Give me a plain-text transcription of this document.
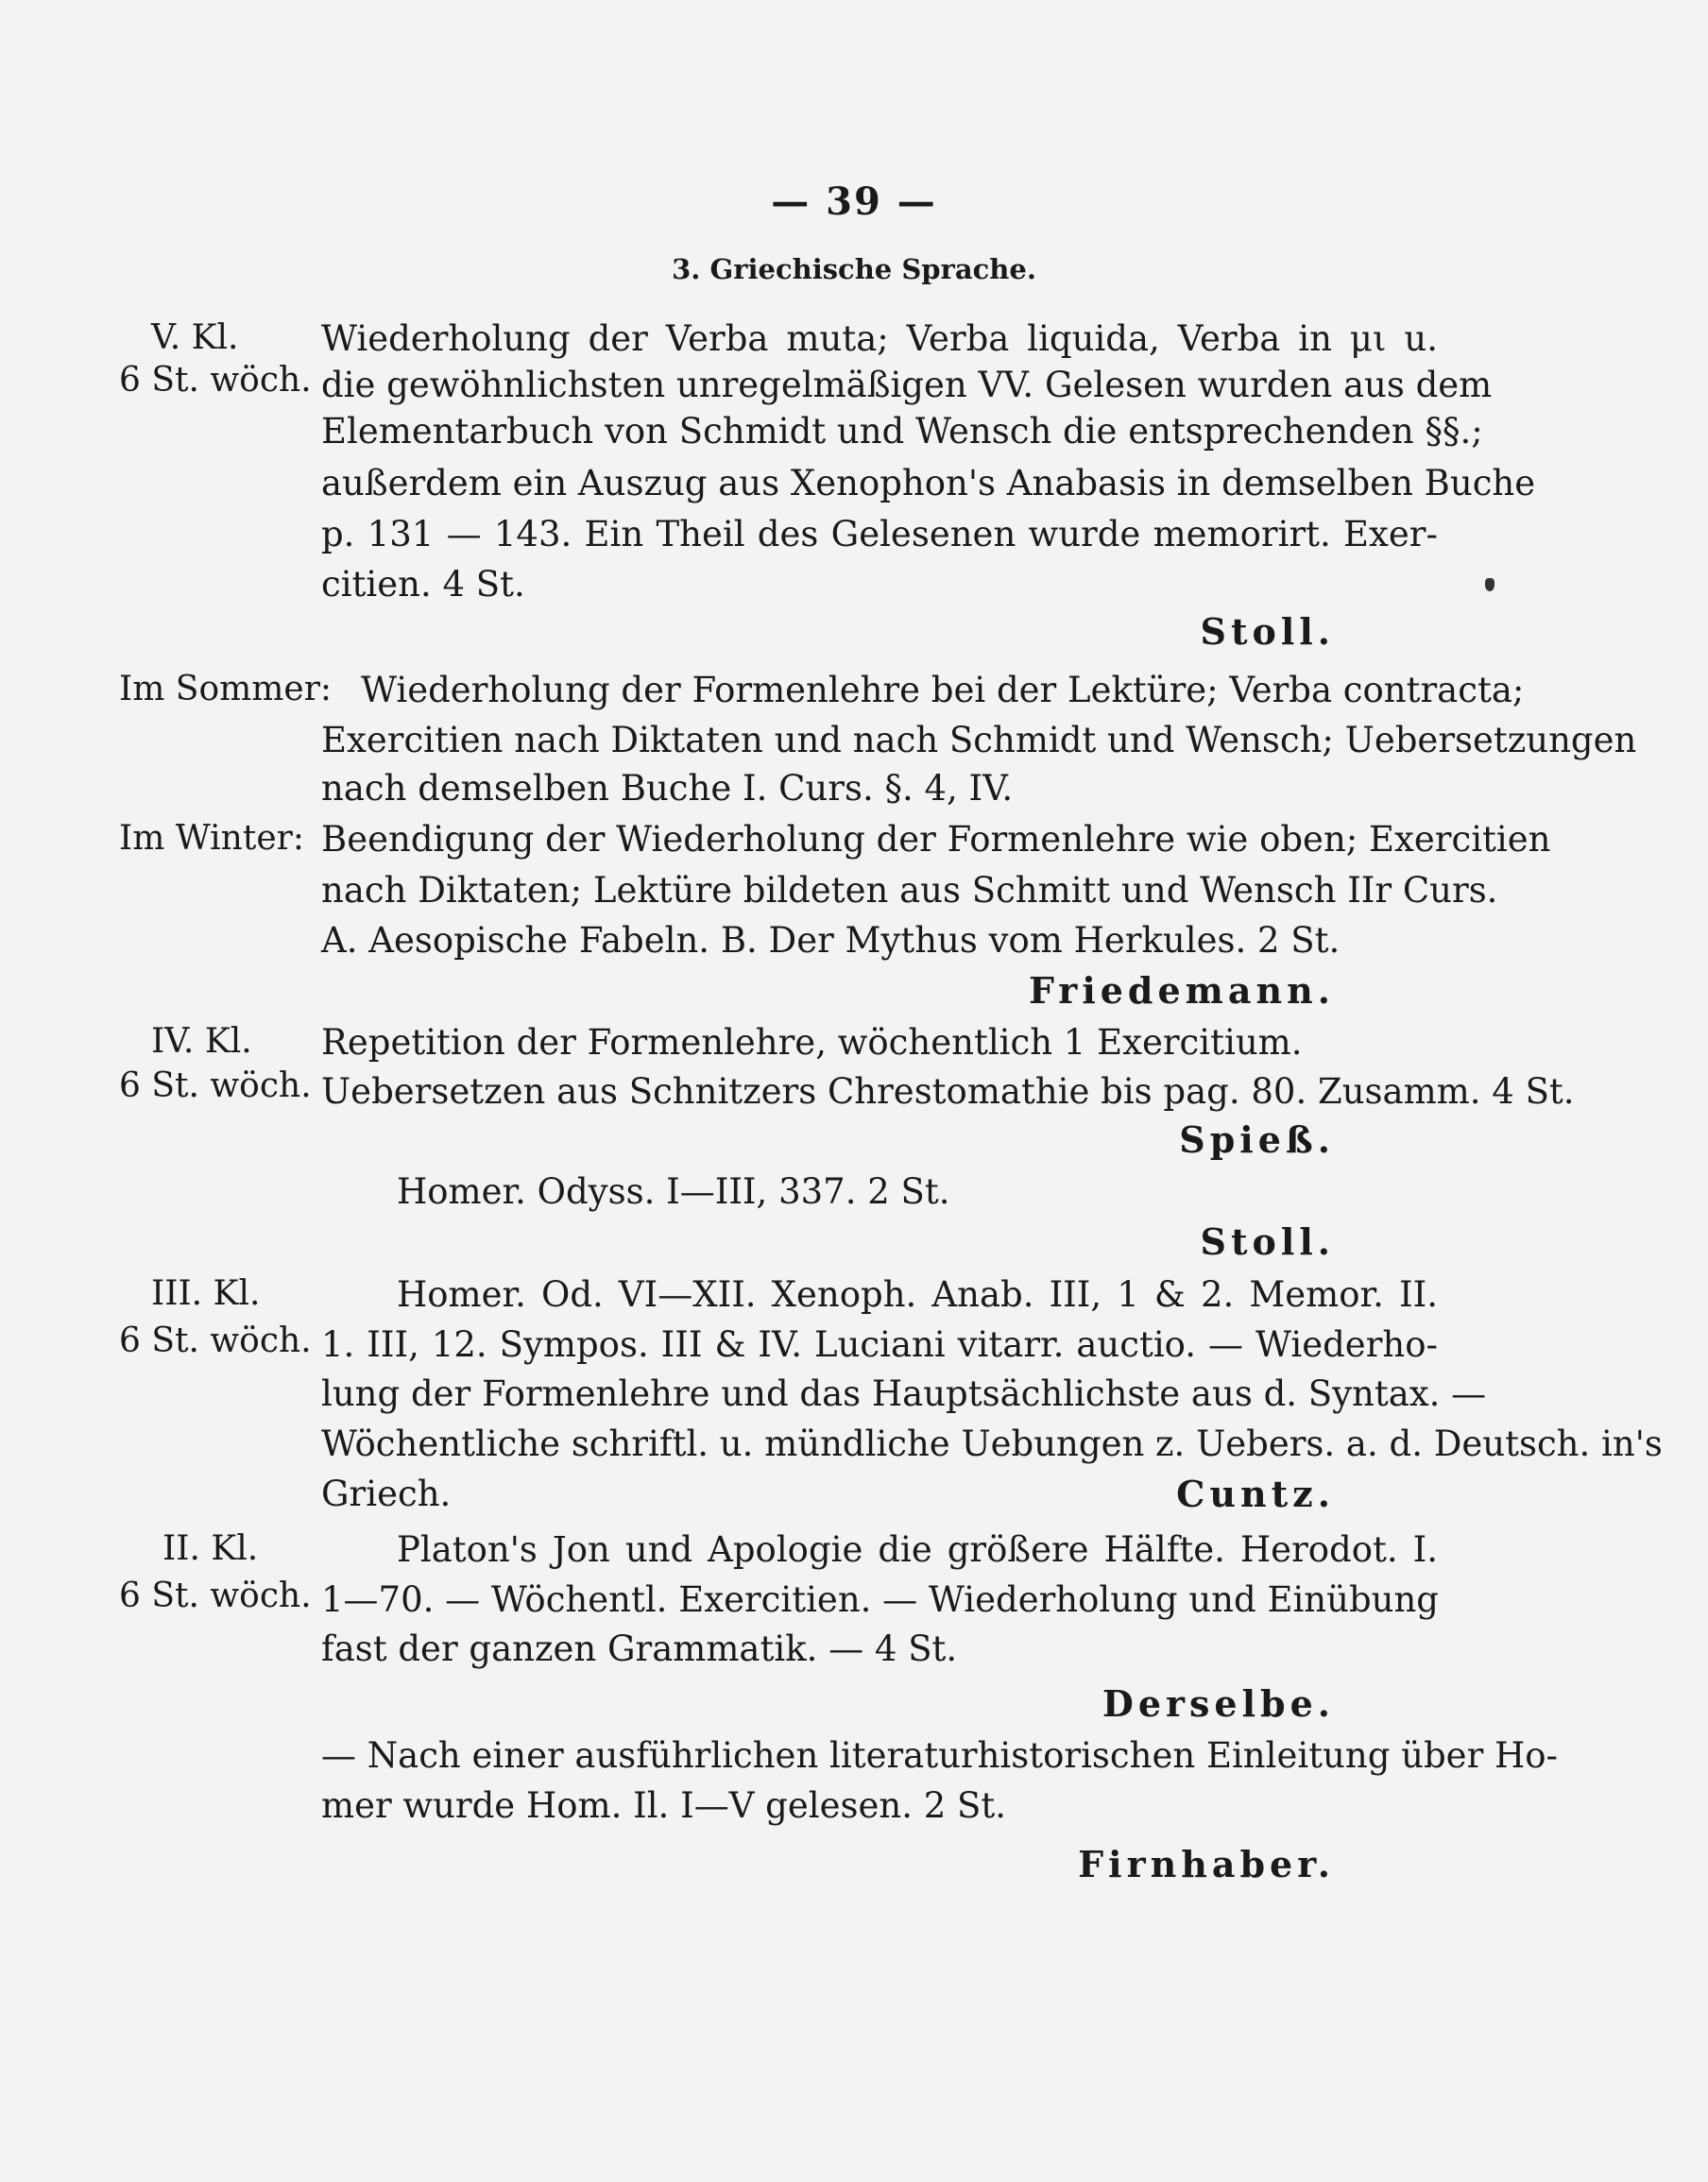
— 39 —
3. Griechische Sprache.
V. Kl.
6 St. wöch.
Wiederholung der Verba muta; Verba liquida, Verba in μι u.
die gewöhnlichsten unregelmäßigen VV. Gelesen wurden aus dem
Elementarbuch von Schmidt und Wensch die entsprechenden §§.;
außerdem ein Auszug aus Xenophon's Anabasis in demselben Buche
p. 131 — 143. Ein Theil des Gelesenen wurde memorirt. Exer-
citien. 4 St.
Stoll.
Im Sommer: Wiederholung der Formenlehre bei der Lektüre; Verba contracta;
Exercitien nach Diktaten und nach Schmidt und Wensch; Uebersetzungen
nach demselben Buche I. Curs. §. 4, IV.
Im Winter: Beendigung der Wiederholung der Formenlehre wie oben; Exercitien
nach Diktaten; Lektüre bildeten aus Schmitt und Wensch IIr Curs.
A. Aesopische Fabeln. B. Der Mythus vom Herkules. 2 St.
Friedemann.
IV. Kl.
6 St. wöch.
Repetition der Formenlehre, wöchentlich 1 Exercitium.
Uebersetzen aus Schnitzers Chrestomathie bis pag. 80. Zusamm. 4 St.
Spieß.
Homer. Odyss. I—III, 337. 2 St.
Stoll.
III. Kl.
6 St. wöch.
Homer. Od. VI—XII. Xenoph. Anab. III, 1 & 2. Memor. II.
1. III, 12. Sympos. III & IV. Luciani vitarr. auctio. — Wiederho-
lung der Formenlehre und das Hauptsächlichste aus d. Syntax. —
Wöchentliche schriftl. u. mündliche Uebungen z. Uebers. a. d. Deutsch. in's
Griech.	Cuntz.
II. Kl.
6 St. wöch.
Platon's Jon und Apologie die größere Hälfte. Herodot. I.
1—70. — Wöchentl. Exercitien. — Wiederholung und Einübung
fast der ganzen Grammatik. — 4 St.
Derselbe.
— Nach einer ausführlichen literaturhistorischen Einleitung über Ho-
mer wurde Hom. Il. I—V gelesen. 2 St.
Firnhaber.
